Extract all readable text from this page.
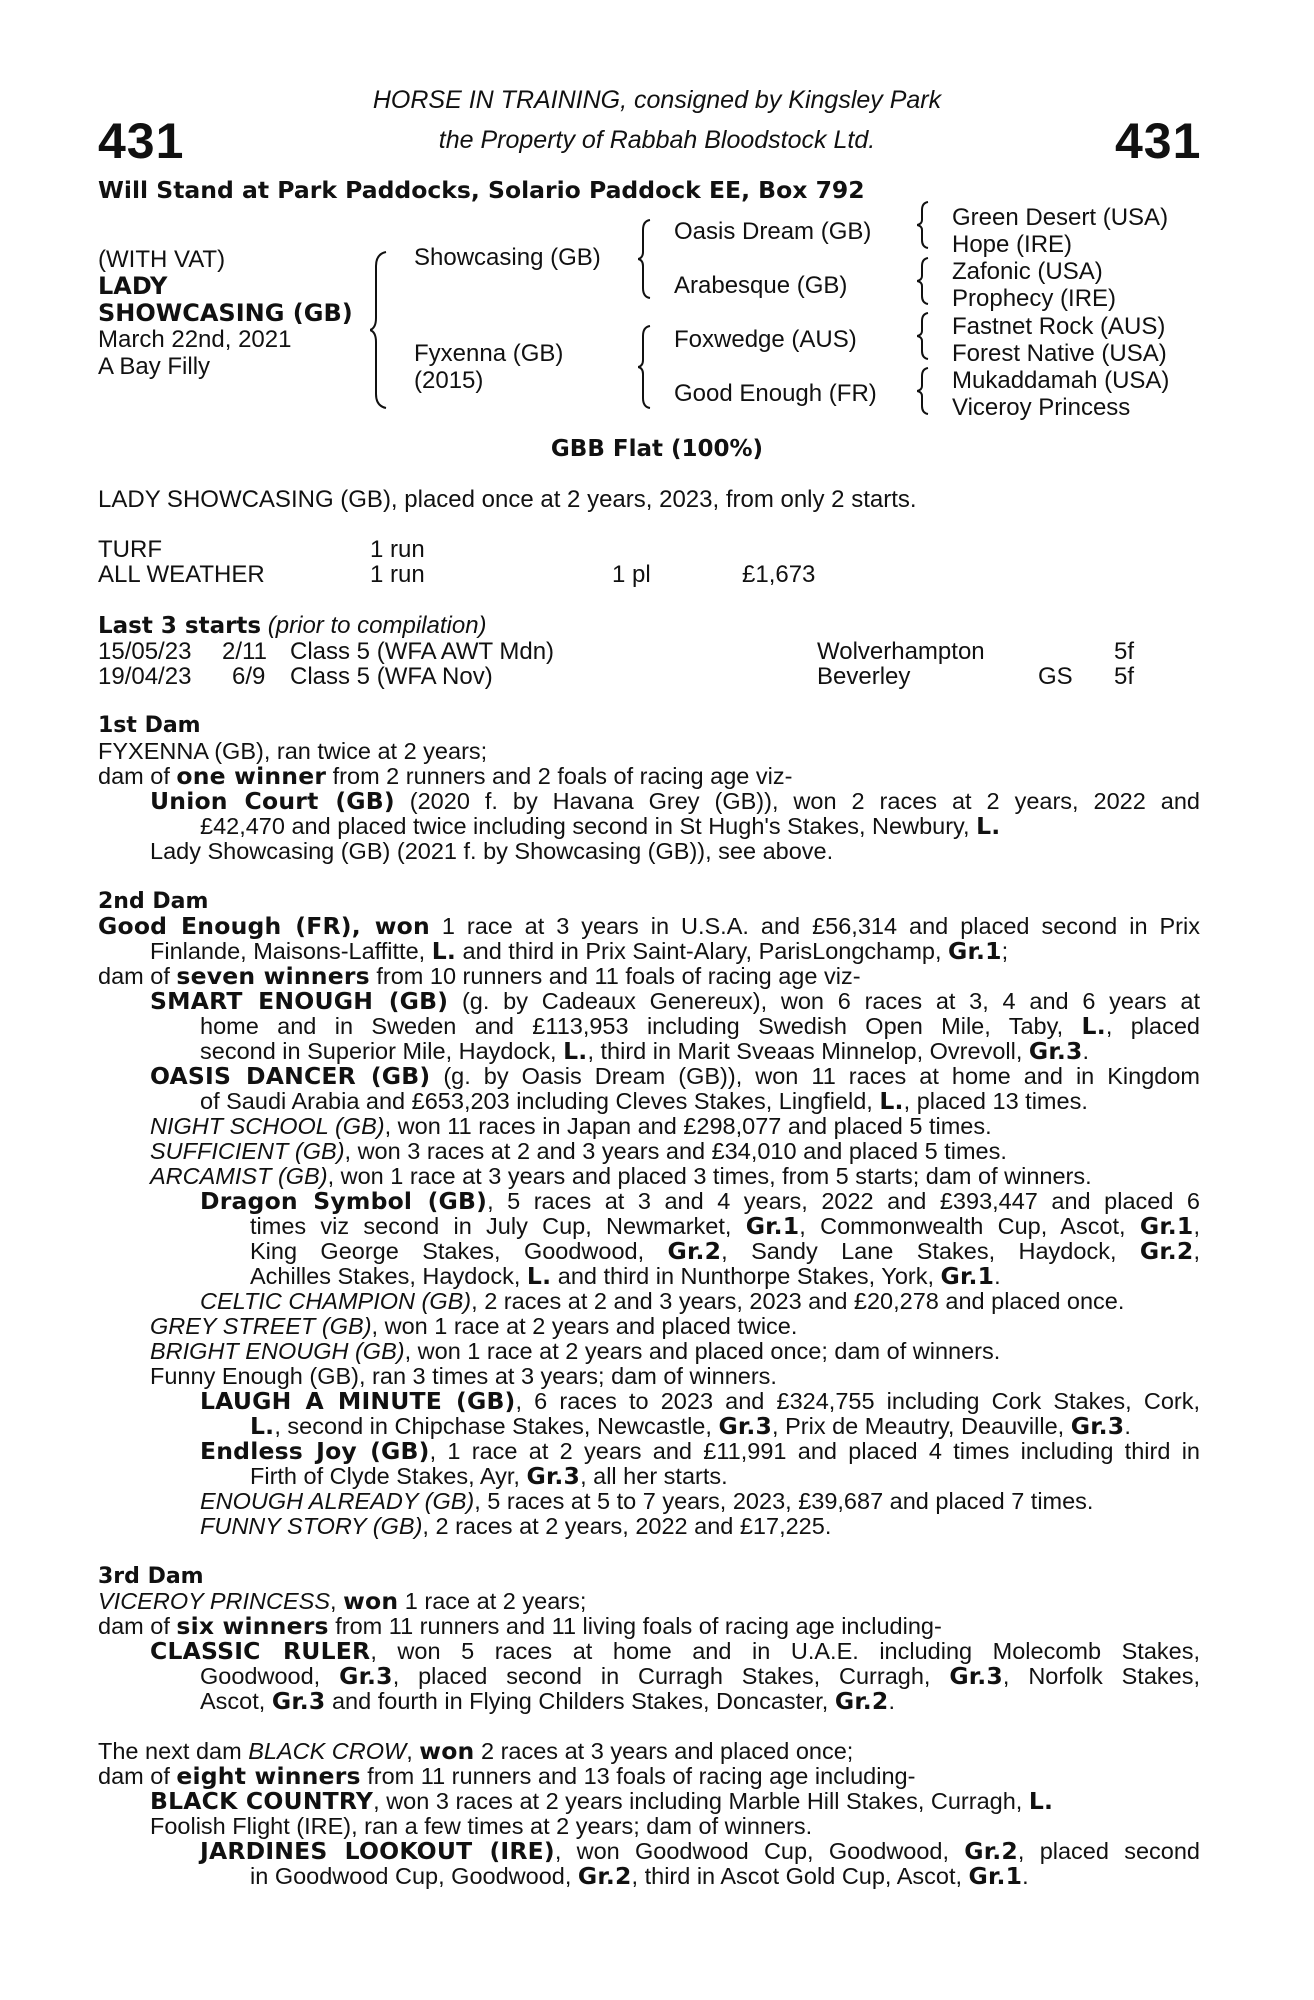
431	431
HORSE IN TRAINING, consigned by Kingsley Park
the Property of Rabbah Bloodstock Ltd.
Will Stand at Park Paddocks, Solario Paddock EE, Box 792
(WITH VAT)
LADY
SHOWCASING (GB)
March 22nd, 2021
A Bay Filly
Showcasing (GB)
Fyxenna (GB)
(2015)
Oasis Dream (GB)
Arabesque (GB)
Foxwedge (AUS)
Good Enough (FR)
Green Desert (USA)
Hope (IRE)
Zafonic (USA)
Prophecy (IRE)
Fastnet Rock (AUS)
Forest Native (USA)
Mukaddamah (USA)
Viceroy Princess
GBB Flat (100%)
LADY SHOWCASING (GB), placed once at 2 years, 2023, from only 2 starts.
TURF	1 run
ALL WEATHER	1 run	1 pl	£1,673
Last 3 starts (prior to compilation)
15/05/23 2/11 Class 5 (WFA AWT Mdn)	Wolverhampton	5f
19/04/23 6/9 Class 5 (WFA Nov)	Beverley	GS 5f
1st Dam
FYXENNA (GB), ran twice at 2 years;
dam of one winner from 2 runners and 2 foals of racing age viz-
Union Court (GB) (2020 f. by Havana Grey (GB)), won 2 races at 2 years, 2022 and
£42,470 and placed twice including second in St Hugh's Stakes, Newbury, L.
Lady Showcasing (GB) (2021 f. by Showcasing (GB)), see above.
2nd Dam
Good Enough (FR), won 1 race at 3 years in U.S.A. and £56,314 and placed second in Prix
Finlande, Maisons-Laffitte, L. and third in Prix Saint-Alary, ParisLongchamp, Gr.1;
dam of seven winners from 10 runners and 11 foals of racing age viz-
SMART ENOUGH (GB) (g. by Cadeaux Genereux), won 6 races at 3, 4 and 6 years at
home and in Sweden and £113,953 including Swedish Open Mile, Taby, L., placed
second in Superior Mile, Haydock, L., third in Marit Sveaas Minnelop, Ovrevoll, Gr.3.
OASIS DANCER (GB) (g. by Oasis Dream (GB)), won 11 races at home and in Kingdom
of Saudi Arabia and £653,203 including Cleves Stakes, Lingfield, L., placed 13 times.
NIGHT SCHOOL (GB), won 11 races in Japan and £298,077 and placed 5 times.
SUFFICIENT (GB), won 3 races at 2 and 3 years and £34,010 and placed 5 times.
ARCAMIST (GB), won 1 race at 3 years and placed 3 times, from 5 starts; dam of winners.
Dragon Symbol (GB), 5 races at 3 and 4 years, 2022 and £393,447 and placed 6
times viz second in July Cup, Newmarket, Gr.1, Commonwealth Cup, Ascot, Gr.1,
King George Stakes, Goodwood, Gr.2, Sandy Lane Stakes, Haydock, Gr.2,
Achilles Stakes, Haydock, L. and third in Nunthorpe Stakes, York, Gr.1.
CELTIC CHAMPION (GB), 2 races at 2 and 3 years, 2023 and £20,278 and placed once.
GREY STREET (GB), won 1 race at 2 years and placed twice.
BRIGHT ENOUGH (GB), won 1 race at 2 years and placed once; dam of winners.
Funny Enough (GB), ran 3 times at 3 years; dam of winners.
LAUGH A MINUTE (GB), 6 races to 2023 and £324,755 including Cork Stakes, Cork,
L., second in Chipchase Stakes, Newcastle, Gr.3, Prix de Meautry, Deauville, Gr.3.
Endless Joy (GB), 1 race at 2 years and £11,991 and placed 4 times including third in
Firth of Clyde Stakes, Ayr, Gr.3, all her starts.
ENOUGH ALREADY (GB), 5 races at 5 to 7 years, 2023, £39,687 and placed 7 times.
FUNNY STORY (GB), 2 races at 2 years, 2022 and £17,225.
3rd Dam
VICEROY PRINCESS, won 1 race at 2 years;
dam of six winners from 11 runners and 11 living foals of racing age including-
CLASSIC RULER, won 5 races at home and in U.A.E. including Molecomb Stakes,
Goodwood, Gr.3, placed second in Curragh Stakes, Curragh, Gr.3, Norfolk Stakes,
Ascot, Gr.3 and fourth in Flying Childers Stakes, Doncaster, Gr.2.
The next dam BLACK CROW, won 2 races at 3 years and placed once;
dam of eight winners from 11 runners and 13 foals of racing age including-
BLACK COUNTRY, won 3 races at 2 years including Marble Hill Stakes, Curragh, L.
Foolish Flight (IRE), ran a few times at 2 years; dam of winners.
JARDINES LOOKOUT (IRE), won Goodwood Cup, Goodwood, Gr.2, placed second
in Goodwood Cup, Goodwood, Gr.2, third in Ascot Gold Cup, Ascot, Gr.1.
